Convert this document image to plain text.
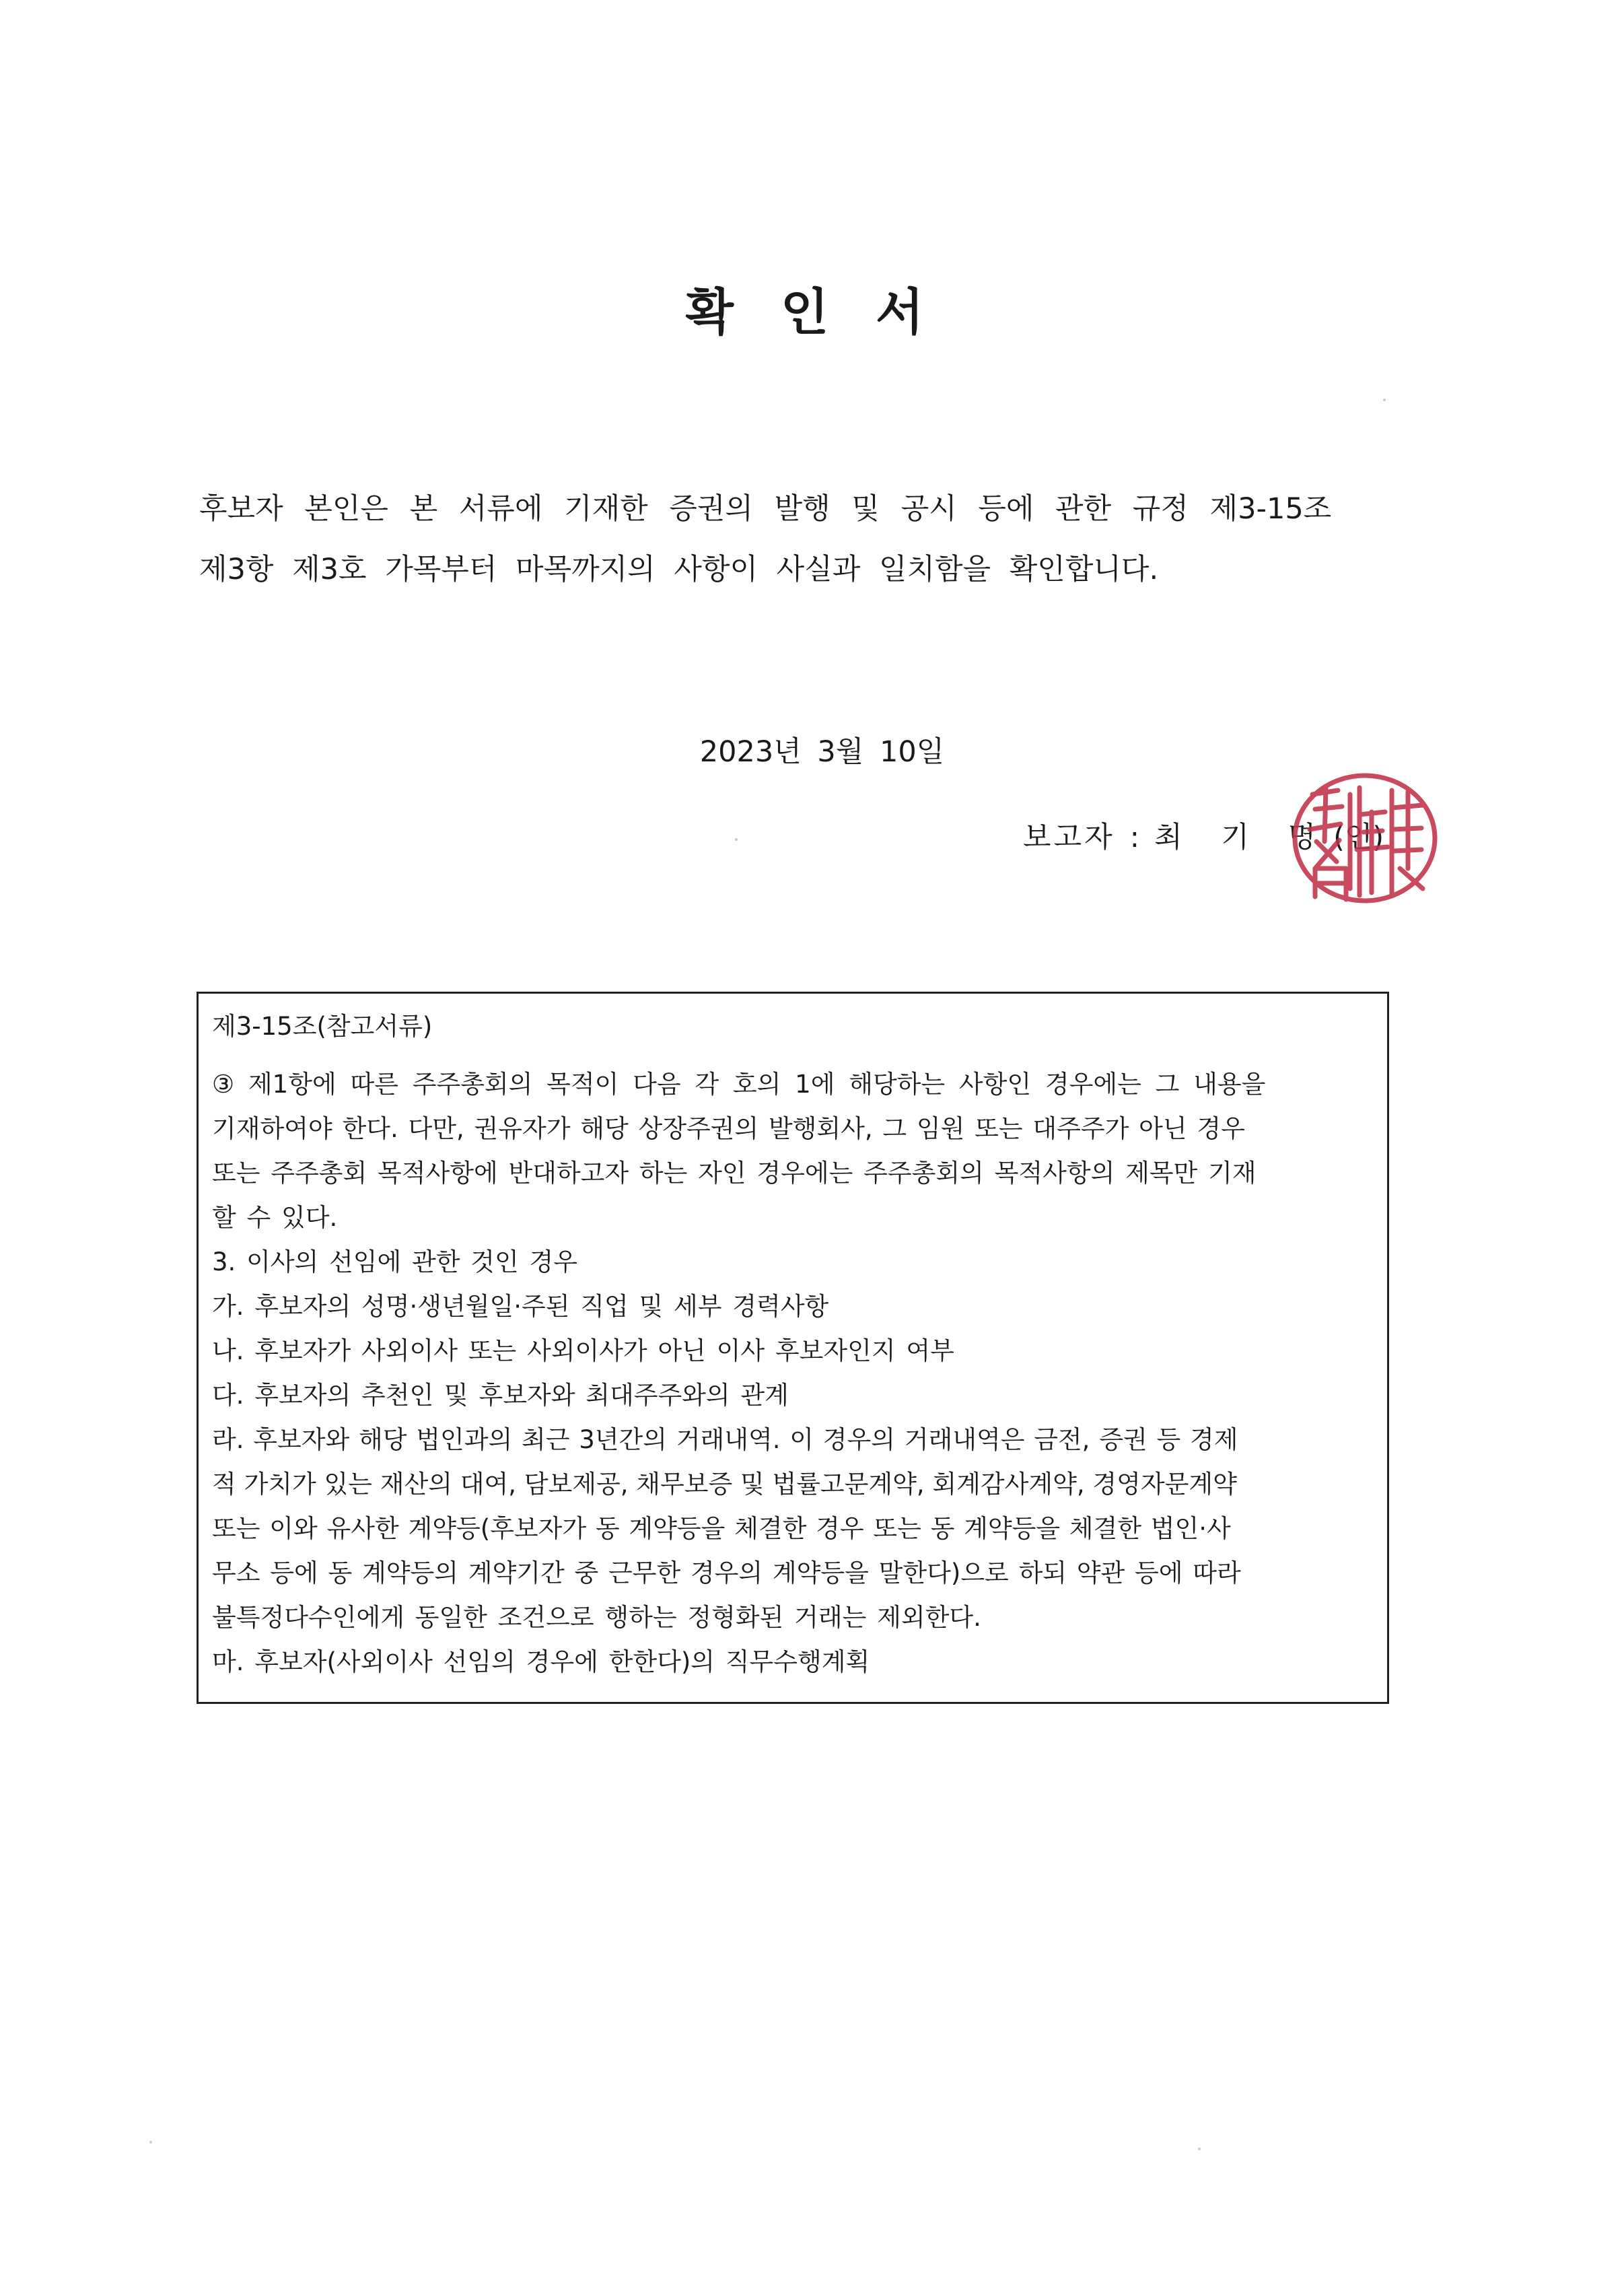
확 인 서
후보자 본인은 본 서류에 기재한 증권의 발행 및 공시 등에 관한 규정 제3-15조
제3항 제3호 가목부터 마목까지의 사항이 사실과 일치함을 확인합니다.
2023년 3월 10일
보고자 : 최 기 명(인)
제3-15조(참고서류)
③ 제1항에 따른 주주총회의 목적이 다음 각 호의 1에 해당하는 사항인 경우에는 그 내용을
기재하여야 한다. 다만, 권유자가 해당 상장주권의 발행회사, 그 임원 또는 대주주가 아닌 경우
또는 주주총회 목적사항에 반대하고자 하는 자인 경우에는 주주총회의 목적사항의 제목만 기재
할 수 있다.
3. 이사의 선임에 관한 것인 경우
가. 후보자의 성명·생년월일·주된 직업 및 세부 경력사항
나. 후보자가 사외이사 또는 사외이사가 아닌 이사 후보자인지 여부
다. 후보자의 추천인 및 후보자와 최대주주와의 관계
라. 후보자와 해당 법인과의 최근 3년간의 거래내역. 이 경우의 거래내역은 금전, 증권 등 경제
적 가치가 있는 재산의 대여, 담보제공, 채무보증 및 법률고문계약, 회계감사계약, 경영자문계약
또는 이와 유사한 계약등(후보자가 동 계약등을 체결한 경우 또는 동 계약등을 체결한 법인·사
무소 등에 동 계약등의 계약기간 중 근무한 경우의 계약등을 말한다)으로 하되 약관 등에 따라
불특정다수인에게 동일한 조건으로 행하는 정형화된 거래는 제외한다.
마. 후보자(사외이사 선임의 경우에 한한다)의 직무수행계획
